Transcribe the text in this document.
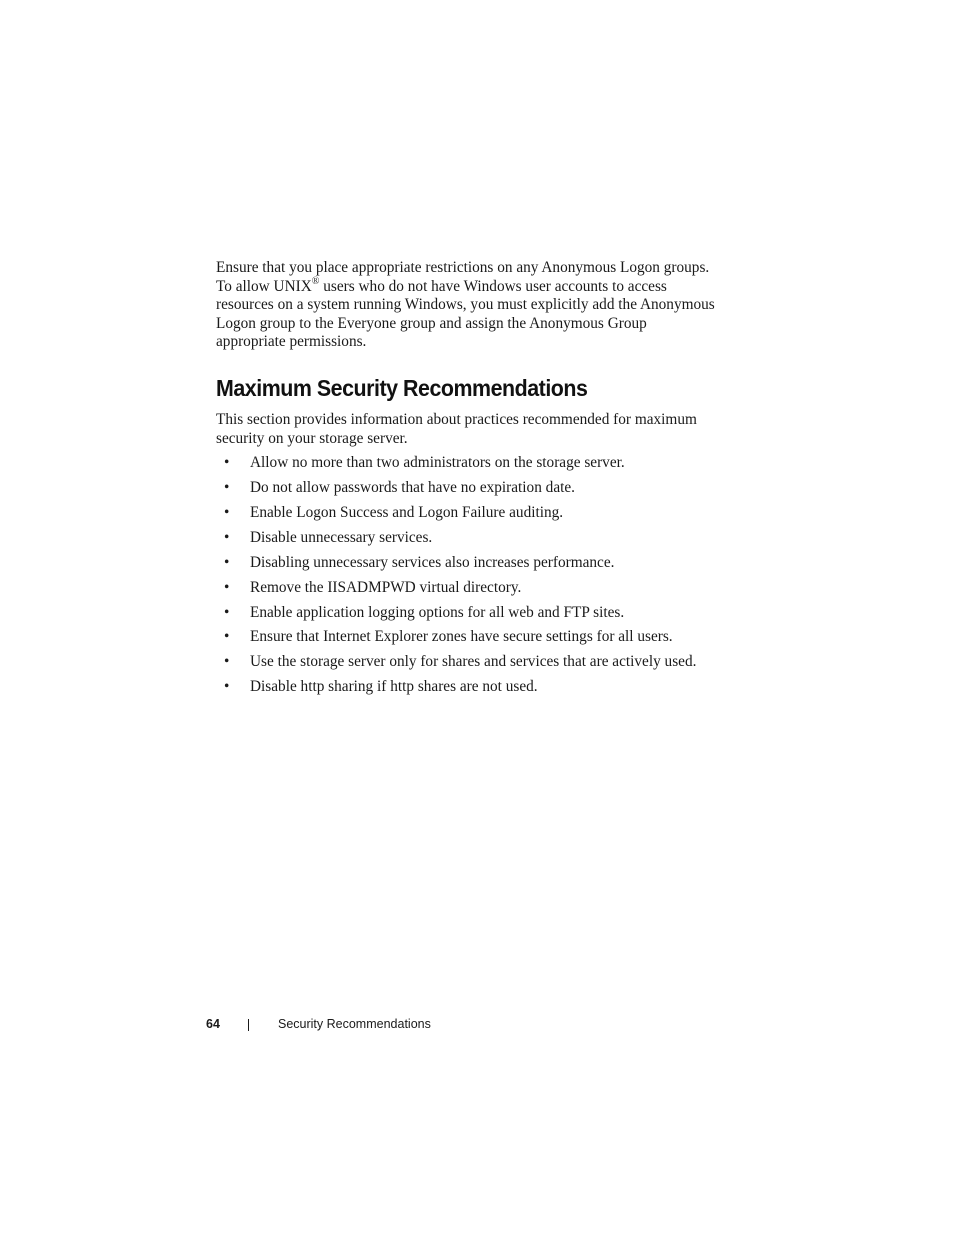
Ensure that you place appropriate restrictions on any Anonymous Logon groups. To allow UNIX® users who do not have Windows user accounts to access resources on a system running Windows, you must explicitly add the Anonymous Logon group to the Everyone group and assign the Anonymous Group appropriate permissions.

Maximum Security Recommendations

This section provides information about practices recommended for maximum security on your storage server.

• Allow no more than two administrators on the storage server.
• Do not allow passwords that have no expiration date.
• Enable Logon Success and Logon Failure auditing.
• Disable unnecessary services.
• Disabling unnecessary services also increases performance.
• Remove the IISADMPWD virtual directory.
• Enable application logging options for all web and FTP sites.
• Ensure that Internet Explorer zones have secure settings for all users.
• Use the storage server only for shares and services that are actively used.
• Disable http sharing if http shares are not used.
64	Security Recommendations
